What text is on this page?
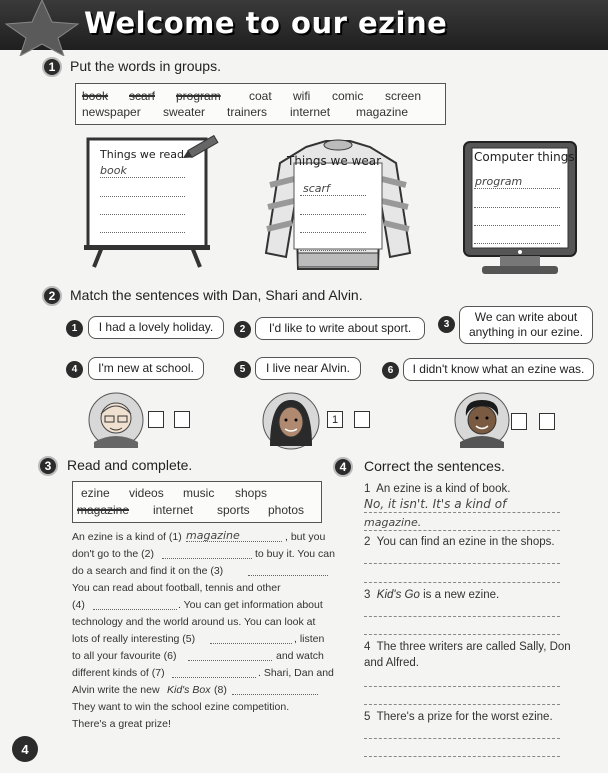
Welcome to our ezine
1	Put the words in groups.
book scarf program coat wifi comic screen
newspaper sweater trainers internet magazine
Things we read
book
Things we wear
scarf
Computer things
program
2	Match the sentences with Dan, Shari and Alvin.
1	I had a lovely holiday.	2	I'd like to write about sport.	3
We can write about anything in our ezine.
4	I'm new at school.	5	I live near Alvin.	6	I didn't know what an ezine was.
1
3	Read and complete.
ezine videos music shops
magazine internet sports photos
An ezine is a kind of (1) magazine	, but you
don't go to the (2)	to buy it. You can
do a search and find it on the (3)
You can read about football, tennis and other
(4)	. You can get information about
technology and the world around us. You can look at
lots of really interesting (5)	, listen
to all your favourite (6)	and watch
different kinds of (7)	. Shari, Dan and
Alvin write the new Kid's Box (8)
They want to win the school ezine competition.
There's a great prize!
4	Correct the sentences.
1 An ezine is a kind of book.
No, it isn't. It's a kind of
magazine.
2 You can find an ezine in the shops.
3 Kid's Go is a new ezine.
4 The three writers are called Sally, Don and Alfred.
5 There's a prize for the worst ezine.
4
